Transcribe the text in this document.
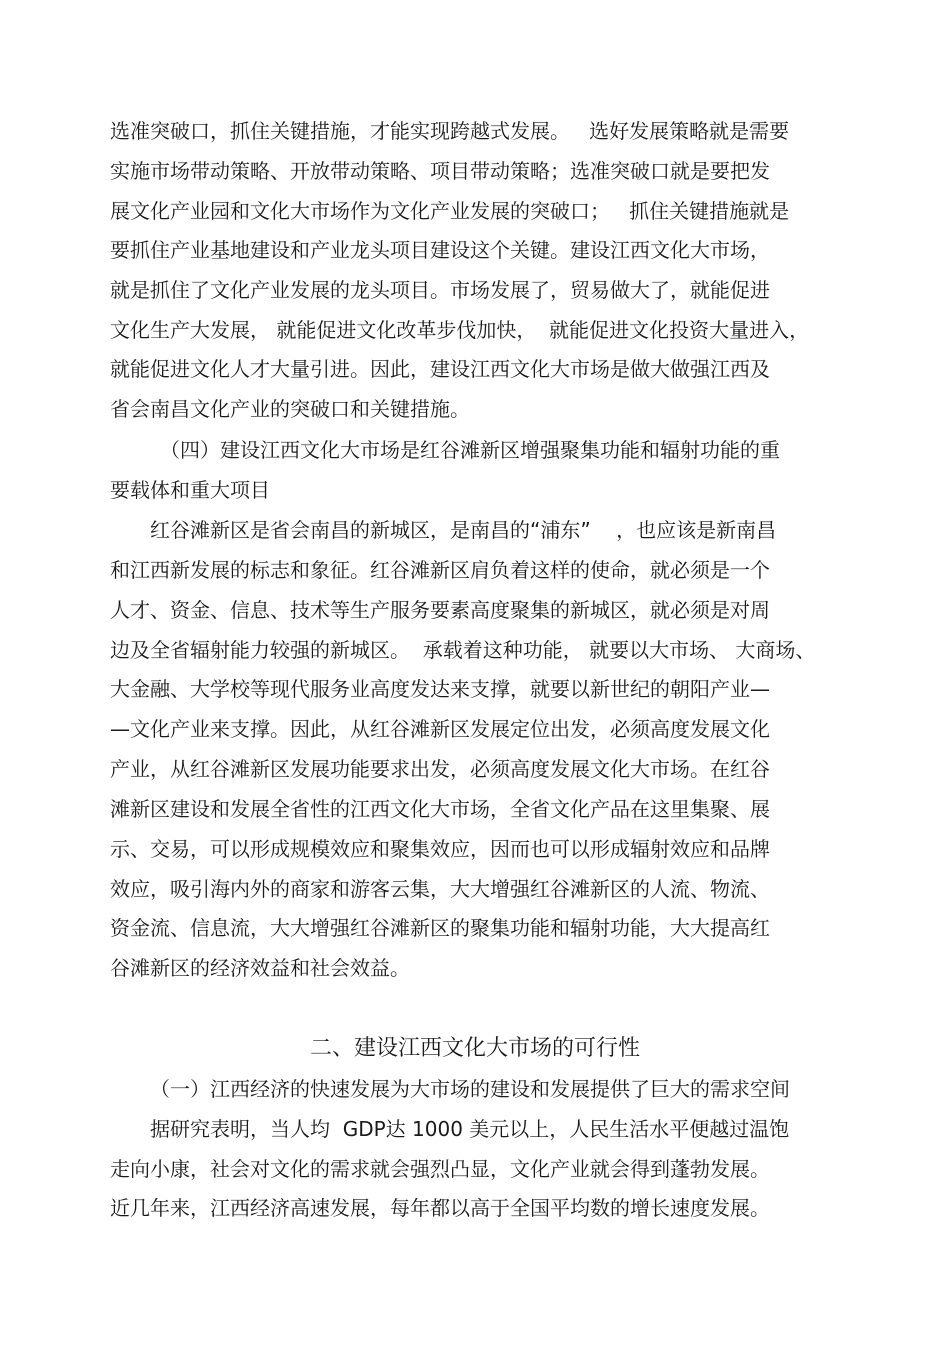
选准突破口，抓住关键措施，才能实现跨越式发展。   选好发展策略就是需要
实施市场带动策略、开放带动策略、项目带动策略；选准突破口就是要把发
展文化产业园和文化大市场作为文化产业发展的突破口；   抓住关键措施就是
要抓住产业基地建设和产业龙头项目建设这个关键。建设江西文化大市场，
就是抓住了文化产业发展的龙头项目。市场发展了，贸易做大了，就能促进
文化生产大发展， 就能促进文化改革步伐加快，  就能促进文化投资大量进入，
就能促进文化人才大量引进。因此，建设江西文化大市场是做大做强江西及
省会南昌文化产业的突破口和关键措施。
（四）建设江西文化大市场是红谷滩新区增强聚集功能和辐射功能的重
要载体和重大项目
红谷滩新区是省会南昌的新城区，是南昌的“浦东”    ，也应该是新南昌
和江西新发展的标志和象征。红谷滩新区肩负着这样的使命，就必须是一个
人才、资金、信息、技术等生产服务要素高度聚集的新城区，就必须是对周
边及全省辐射能力较强的新城区。  承载着这种功能， 就要以大市场、 大商场、
大金融、大学校等现代服务业高度发达来支撑，就要以新世纪的朝阳产业—
—文化产业来支撑。因此，从红谷滩新区发展定位出发，必须高度发展文化
产业，从红谷滩新区发展功能要求出发，必须高度发展文化大市场。在红谷
滩新区建设和发展全省性的江西文化大市场，全省文化产品在这里集聚、展
示、交易，可以形成规模效应和聚集效应，因而也可以形成辐射效应和品牌
效应，吸引海内外的商家和游客云集，大大增强红谷滩新区的人流、物流、
资金流、信息流，大大增强红谷滩新区的聚集功能和辐射功能，大大提高红
谷滩新区的经济效益和社会效益。
二、建设江西文化大市场的可行性
（一）江西经济的快速发展为大市场的建设和发展提供了巨大的需求空间
据研究表明，当人均  GDP达 1000 美元以上，人民生活水平便越过温饱
走向小康，社会对文化的需求就会强烈凸显，文化产业就会得到蓬勃发展。
近几年来，江西经济高速发展，每年都以高于全国平均数的增长速度发展。
